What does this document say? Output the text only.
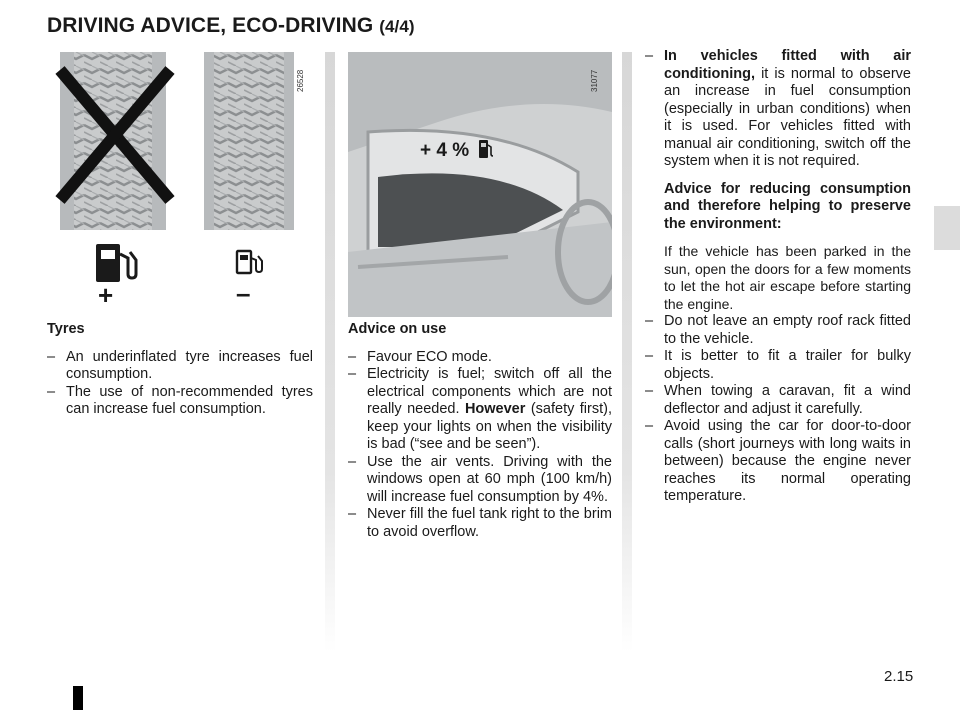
DRIVING ADVICE, ECO-DRIVING (4/4)
26528
+	–
+ 4 %
31077

Tyres

– An underinflated tyre increases fuel consumption.

– The use of non-recommended tyres can increase fuel consumption.

Advice on use

– Favour ECO mode.

– Electricity is fuel; switch off all the electrical components which are not really needed. However (safety first), keep your lights on when the visibility is bad (“see and be seen”).

– Use the air vents. Driving with the windows open at 60 mph (100 km/h) will increase fuel consumption by 4%.

– Never fill the fuel tank right to the brim to avoid overflow.

– In vehicles fitted with air conditioning, it is normal to observe an increase in fuel consumption (especially in urban conditions) when it is used. For vehicles fitted with manual air conditioning, switch off the system when it is not required.

Advice for reducing consumption and therefore helping to preserve the environment:

If the vehicle has been parked in the sun, open the doors for a few moments to let the hot air escape before starting the engine.

– Do not leave an empty roof rack fitted to the vehicle.

– It is better to fit a trailer for bulky objects.

– When towing a caravan, fit a wind deflector and adjust it carefully.

– Avoid using the car for door-to-door calls (short journeys with long waits in between) because the engine never reaches its normal operating temperature.

2.15
